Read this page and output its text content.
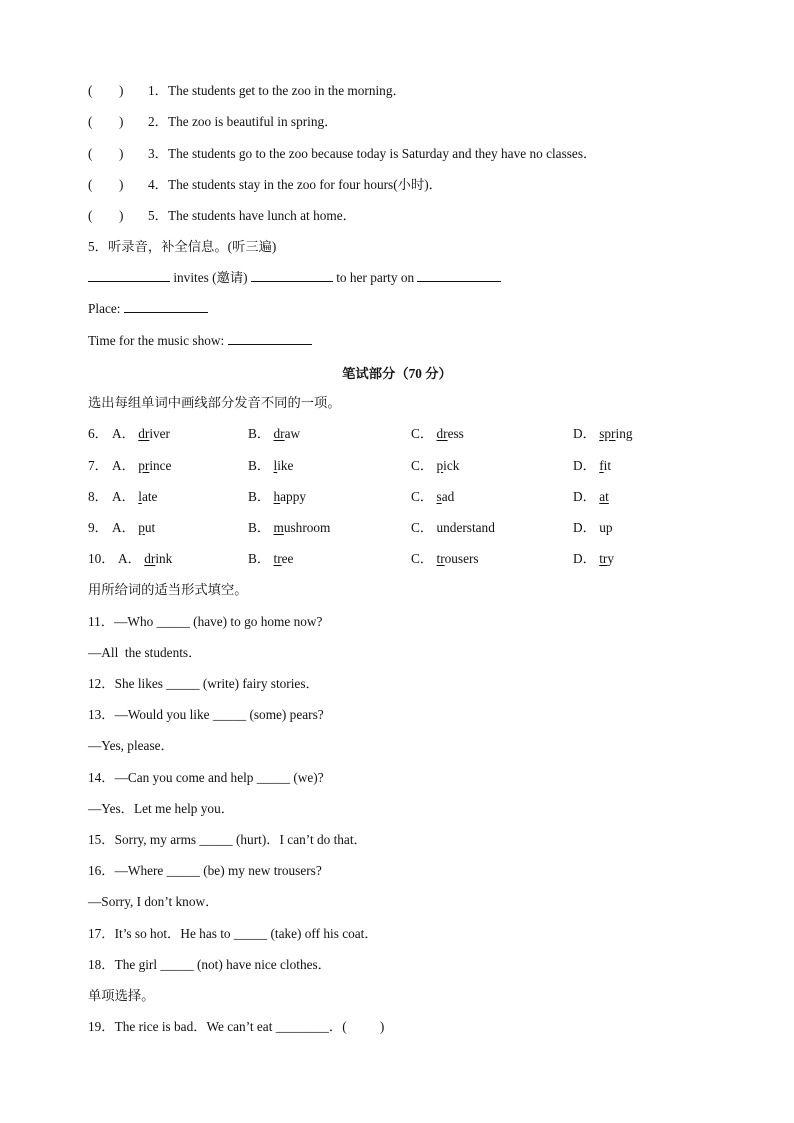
(        ) 1．The students get to the zoo in the morning．
(        ) 2．The zoo is beautiful in spring．
(        ) 3．The students go to the zoo because today is Saturday and they have no classes．
(        ) 4．The students stay in the zoo for four hours(小时)．
(        ) 5．The students have lunch at home．
5．听录音，补全信息。(听三遍)
invites (邀请)	to her party on
Place:
Time for the music show:
笔试部分（70 分）
选出每组单词中画线部分发音不同的一项。
6． A． driver	B． draw	C． dress	D． spring
7． A． prince	B． like	C． pick	D． fit
8． A． late	B． happy	C． sad	D． at
9． A． put	B． mushroom	C． understand	D． up
10． A． drink	B． tree	C． trousers	D． try
用所给词的适当形式填空。
11．—Who _____ (have) to go home now?
—All  the students．
12．She likes _____ (write) fairy stories．
13．—Would you like _____ (some) pears?
—Yes, please．
14．—Can you come and help _____ (we)?
—Yes．Let me help you．
15．Sorry, my arms _____ (hurt)．I can’t do that．
16．—Where _____ (be) my new trousers?
—Sorry, I don’t know．
17．It’s so hot．He has to _____ (take) off his coat．
18．The girl _____ (not) have nice clothes．
单项选择。
19．The rice is bad．We can’t eat ________．(          )
